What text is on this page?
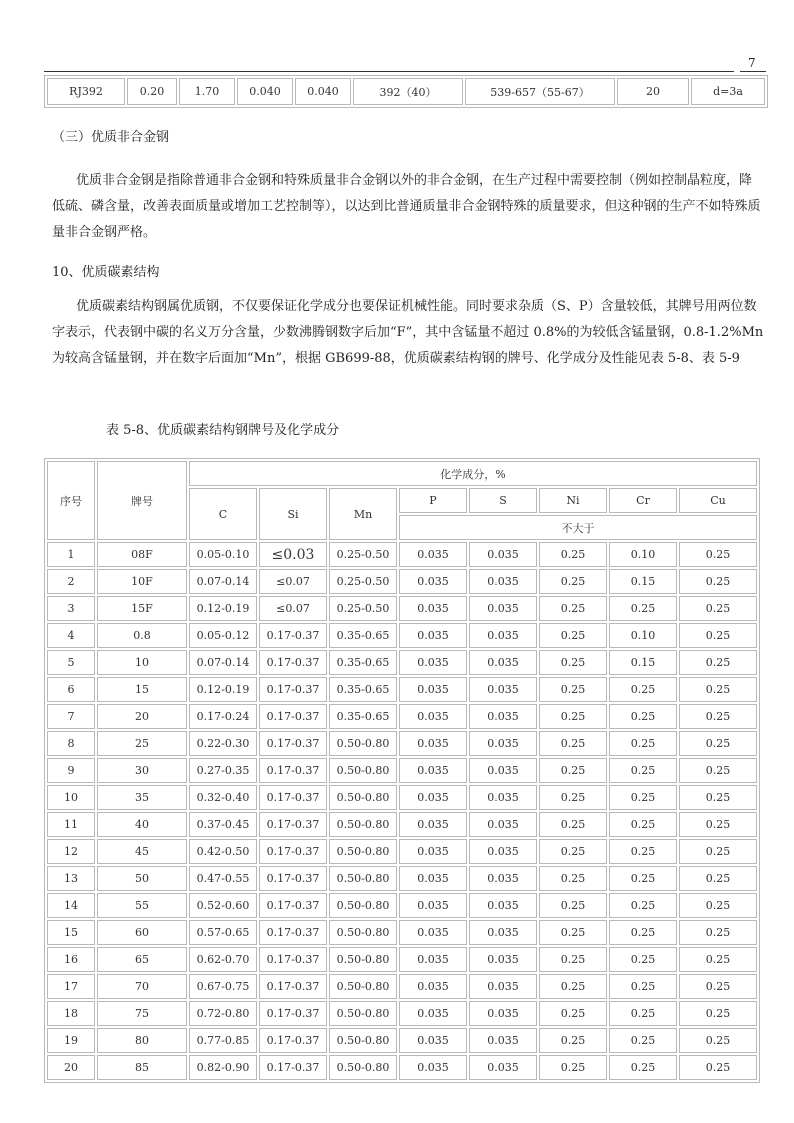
7
RJ392	0.20	1.70	0.040	0.040	392（40）	539-657（55-67）	20	d=3a

（三）优质非合金钢

优质非合金钢是指除普通非合金钢和特殊质量非合金钢以外的非合金钢，在生产过程中需要控制（例如控制晶粒度，降低硫、磷含量，改善表面质量或增加工艺控制等），以达到比普通质量非合金钢特殊的质量要求，但这种钢的生产不如特殊质量非合金钢严格。

10、优质碳素结构

优质碳素结构钢属优质钢，不仅要保证化学成分也要保证机械性能。同时要求杂质（S、P）含量较低，其牌号用两位数字表示，代表钢中碳的名义万分含量，少数沸腾钢数字后加“F”，其中含锰量不超过 0.8%的为较低含锰量钢，0.8-1.2%Mn 为较高含锰量钢，并在数字后面加“Mn”，根据 GB699-88，优质碳素结构钢的牌号、化学成分及性能见表 5-8、表 5-9

表 5-8、优质碳素结构钢牌号及化学成分

序号	牌号	化学成分，%							
		C	Si	Mn	P	S	Ni	Cr	Cu
					不大于				
1	08F	0.05-0.10	≤0.03	0.25-0.50	0.035	0.035	0.25	0.10	0.25
2	10F	0.07-0.14	≤0.07	0.25-0.50	0.035	0.035	0.25	0.15	0.25
3	15F	0.12-0.19	≤0.07	0.25-0.50	0.035	0.035	0.25	0.25	0.25
4	0.8	0.05-0.12	0.17-0.37	0.35-0.65	0.035	0.035	0.25	0.10	0.25
5	10	0.07-0.14	0.17-0.37	0.35-0.65	0.035	0.035	0.25	0.15	0.25
6	15	0.12-0.19	0.17-0.37	0.35-0.65	0.035	0.035	0.25	0.25	0.25
7	20	0.17-0.24	0.17-0.37	0.35-0.65	0.035	0.035	0.25	0.25	0.25
8	25	0.22-0.30	0.17-0.37	0.50-0.80	0.035	0.035	0.25	0.25	0.25
9	30	0.27-0.35	0.17-0.37	0.50-0.80	0.035	0.035	0.25	0.25	0.25
10	35	0.32-0.40	0.17-0.37	0.50-0.80	0.035	0.035	0.25	0.25	0.25
11	40	0.37-0.45	0.17-0.37	0.50-0.80	0.035	0.035	0.25	0.25	0.25
12	45	0.42-0.50	0.17-0.37	0.50-0.80	0.035	0.035	0.25	0.25	0.25
13	50	0.47-0.55	0.17-0.37	0.50-0.80	0.035	0.035	0.25	0.25	0.25
14	55	0.52-0.60	0.17-0.37	0.50-0.80	0.035	0.035	0.25	0.25	0.25
15	60	0.57-0.65	0.17-0.37	0.50-0.80	0.035	0.035	0.25	0.25	0.25
16	65	0.62-0.70	0.17-0.37	0.50-0.80	0.035	0.035	0.25	0.25	0.25
17	70	0.67-0.75	0.17-0.37	0.50-0.80	0.035	0.035	0.25	0.25	0.25
18	75	0.72-0.80	0.17-0.37	0.50-0.80	0.035	0.035	0.25	0.25	0.25
19	80	0.77-0.85	0.17-0.37	0.50-0.80	0.035	0.035	0.25	0.25	0.25
20	85	0.82-0.90	0.17-0.37	0.50-0.80	0.035	0.035	0.25	0.25	0.25
